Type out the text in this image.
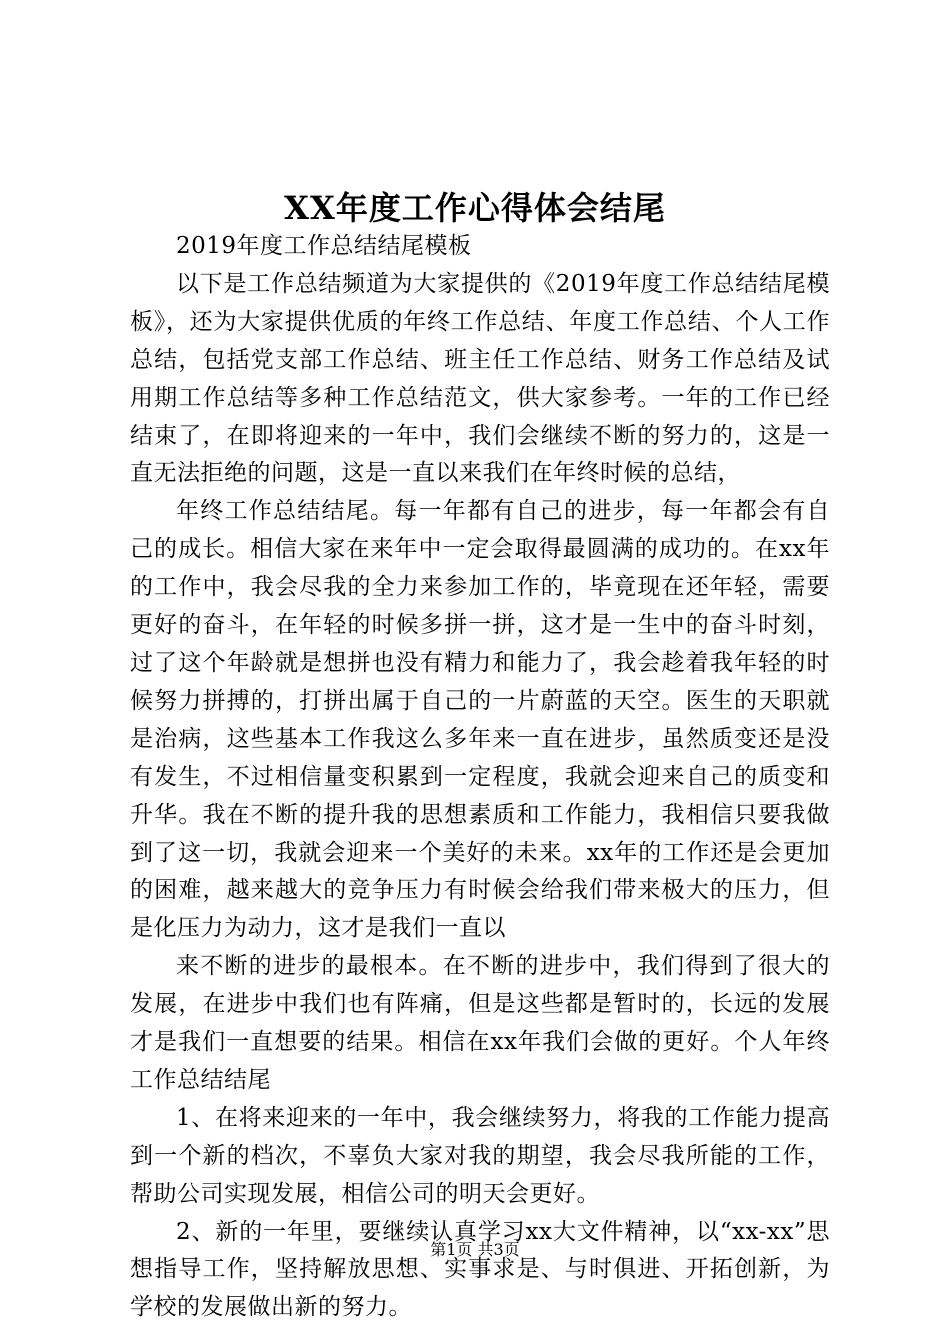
XX年度工作心得体会结尾

2019年度工作总结结尾模板

以下是工作总结频道为大家提供的《2019年度工作总结结尾模板》，还为大家提供优质的年终工作总结、年度工作总结、个人工作总结，包括党支部工作总结、班主任工作总结、财务工作总结及试用期工作总结等多种工作总结范文，供大家参考。一年的工作已经结束了，在即将迎来的一年中，我们会继续不断的努力的，这是一直无法拒绝的问题，这是一直以来我们在年终时候的总结，

年终工作总结结尾。每一年都有自己的进步，每一年都会有自己的成长。相信大家在来年中一定会取得最圆满的成功的。在xx年的工作中，我会尽我的全力来参加工作的，毕竟现在还年轻，需要更好的奋斗，在年轻的时候多拼一拼，这才是一生中的奋斗时刻，过了这个年龄就是想拼也没有精力和能力了，我会趁着我年轻的时候努力拼搏的，打拼出属于自己的一片蔚蓝的天空。医生的天职就是治病，这些基本工作我这么多年来一直在进步，虽然质变还是没有发生，不过相信量变积累到一定程度，我就会迎来自己的质变和升华。我在不断的提升我的思想素质和工作能力，我相信只要我做到了这一切，我就会迎来一个美好的未来。xx年的工作还是会更加的困难，越来越大的竞争压力有时候会给我们带来极大的压力，但是化压力为动力，这才是我们一直以

来不断的进步的最根本。在不断的进步中，我们得到了很大的发展，在进步中我们也有阵痛，但是这些都是暂时的，长远的发展才是我们一直想要的结果。相信在xx年我们会做的更好。个人年终工作总结结尾

1、在将来迎来的一年中，我会继续努力，将我的工作能力提高到一个新的档次，不辜负大家对我的期望，我会尽我所能的工作，帮助公司实现发展，相信公司的明天会更好。

2、新的一年里，要继续认真学习xx大文件精神，以“xx-xx”思想指导工作，坚持解放思想、实事求是、与时俱进、开拓创新，为学校的发展做出新的努力。

第1页 共3页
